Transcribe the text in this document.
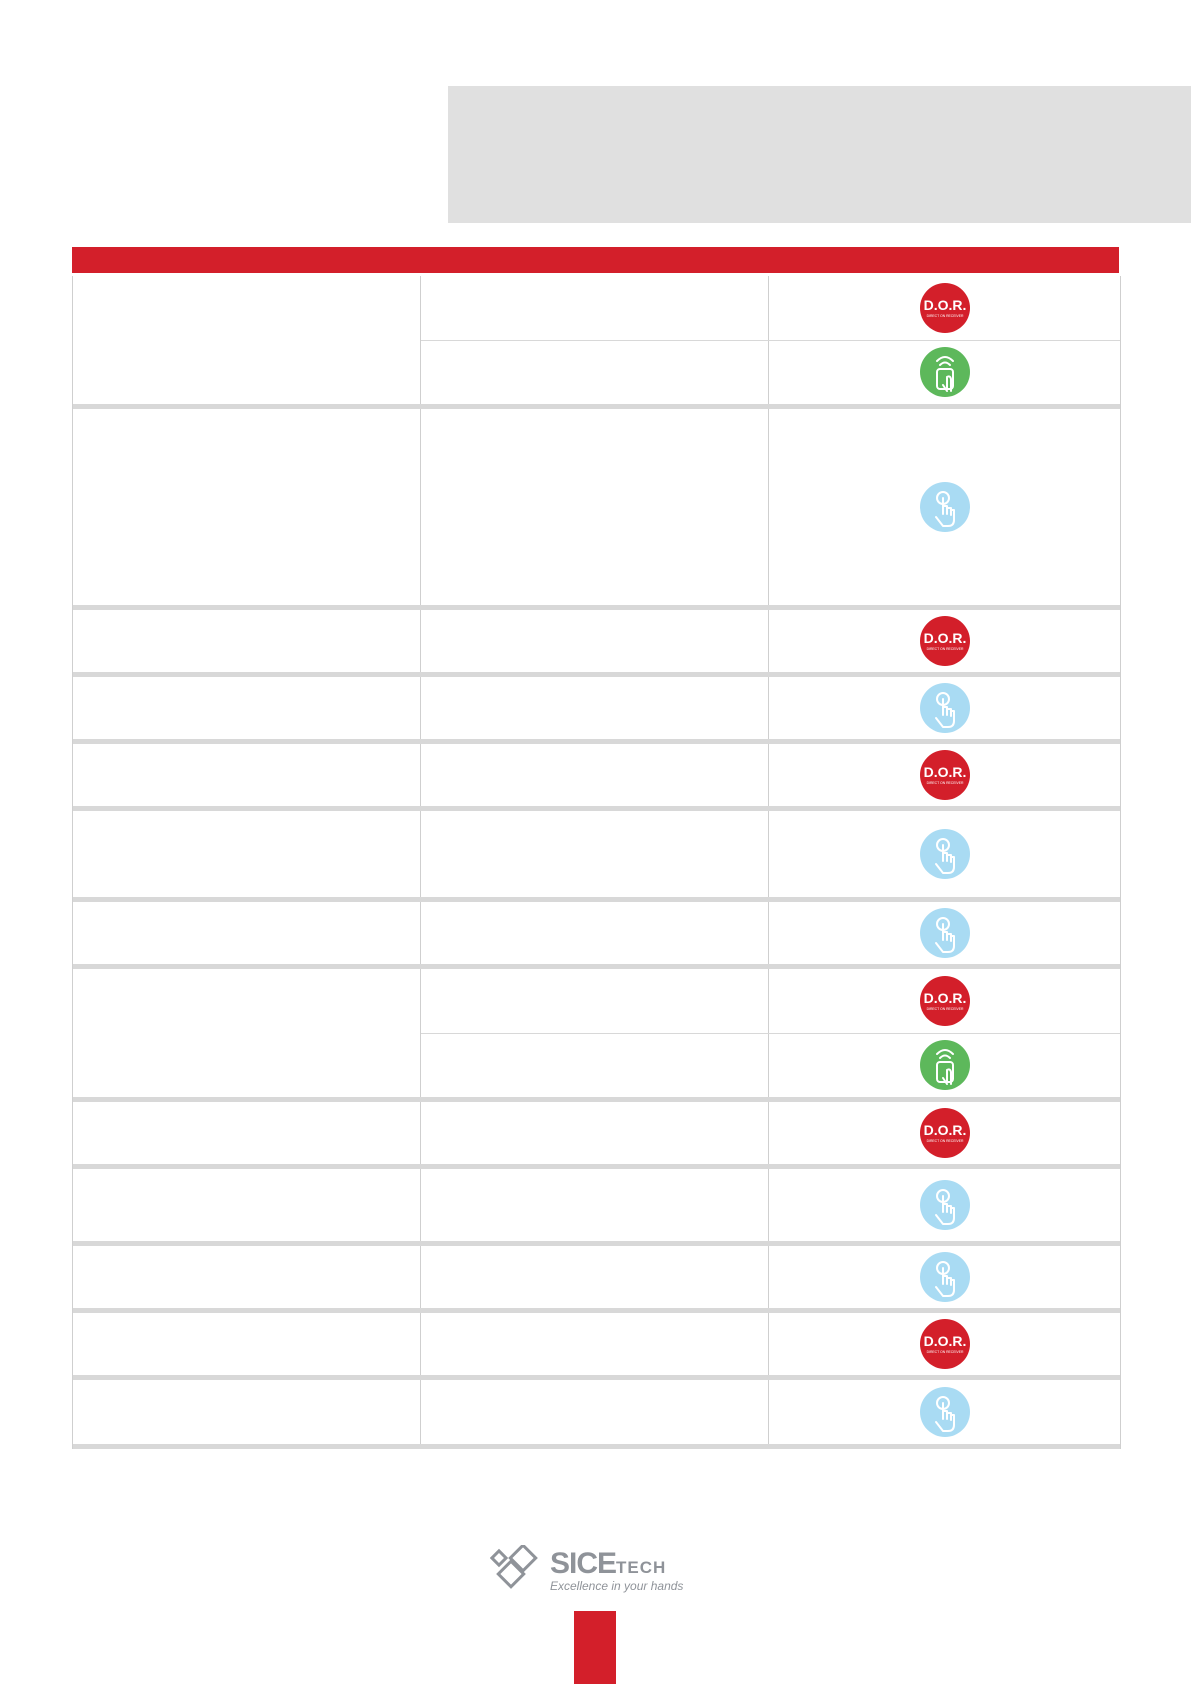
D.O.R.
DIRECT ON RECEIVER
D.O.R.
DIRECT ON RECEIVER
D.O.R.
DIRECT ON RECEIVER
D.O.R.
DIRECT ON RECEIVER
D.O.R.
DIRECT ON RECEIVER
D.O.R.
DIRECT ON RECEIVER
SICETECH
Excellence in your hands
